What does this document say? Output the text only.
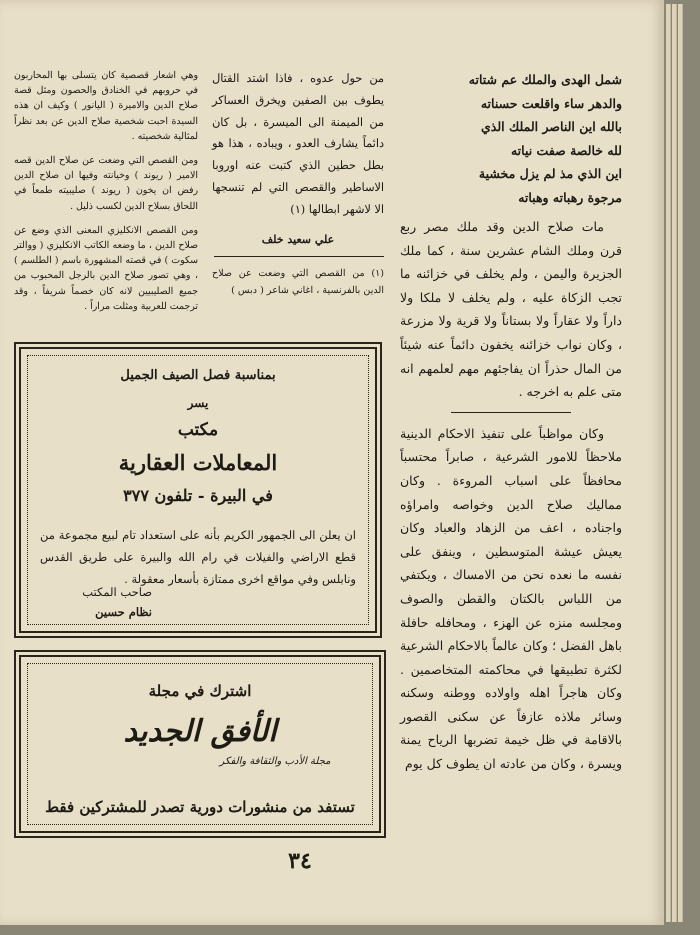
شمل الهدى والملك عم شتاته

والدهر ساء واقلعت حسناته

بالله اين الناصر الملك الذي

لله خالصة صفت نياته

اين الذي مذ لم يزل مخشية

مرجوة رهباته وهباته

مات صلاح الدين وقد ملك مصر ربع قرن وملك الشام عشرين سنة ، كما ملك الجزيرة واليمن ، ولم يخلف في خزائنه ما تجب الزكاة عليه ، ولم يخلف لا ملكا ولا داراً ولا عقاراً ولا بستاناً ولا قرية ولا مزرعة ، وكان نواب خزائنه يخفون دائماً عنه شيئاً من المال حذراً ان يفاجئهم مهم لعلمهم انه متى علم به اخرجه .

وكان مواظباً على تنفيذ الاحكام الدينية ملاحظاً للامور الشرعية ، صابراً محتسباً محافظاً على اسباب المروءة . وكان مماليك صلاح الدين وخواصه وامراؤه واجناده ، اعف من الزهاد والعباد وكان يعيش عيشة المتوسطين ، وينفق على نفسه ما نعده نحن من الامساك ، ويكتفي من اللباس بالكتان والقطن والصوف ومجلسه منزه عن الهزء ، ومحافله حافلة باهل الفضل ؛ وكان عالماً بالاحكام الشرعية لكثرة تطبيقها في محاكمته المتخاصمين . وكان هاجراً اهله واولاده ووطنه وسكنه وسائر ملاذه عازفاً عن سكنى القصور بالاقامة في ظل خيمة تضربها الرياح يمنة ويسرة ، وكان من عادته ان يطوف كل يوم

من حول عدوه ، فاذا اشتد القتال يطوف بين الصفين ويخرق العساكر من الميمنة الى الميسرة ، بل كان دائماً يشارف العدو ، ويباده ، هذا هو بطل حطين الذي كتبت عنه اوروبا الاساطير والقصص التي لم تنسجها الا لاشهر ابطالها (١)

علي سعيد خلف

(١) من القصص التي وضعت عن صلاح الدين بالفرنسية ، اغاني شاعر ( دبس )

وهي اشعار قصصية كان يتسلى بها المحاربون في حروبهم في الخنادق والحصون ومثل قصة صلاح الدين والاميرة ( اليانور ) وكيف ان هذه السيدة احبت شخصية صلاح الدين عن بعد نظراً لمثالية شخصيته .

ومن القصص التي وضعت عن صلاح الدين قصه الامير ( ريوند ) وخيانته وفيها ان صلاح الدين رفض ان يخون ( ريوند ) صليبيته طمعاً في اللحاق بسلاح الدين لكسب ذليل .

ومن القصص الانكليزي المعنى الذي وضع عن صلاح الدين ، ما وضعه الكاتب الانكليزي ( ووالتر سكوت ) في قصته المشهورة باسم ( الطلسم ) ، وهي تصور صلاح الدين بالرجل المحبوب من جميع الصليبيين لانه كان خصماً شريفاً ، وقد ترجمت للعربية ومثلت مراراً .

بمناسبة فصل الصيف الجميل
يسر
مكتب
المعاملات العقارية
في البيرة - تلفون ٣٧٧
ان يعلن الى الجمهور الكريم بأنه على استعداد تام لبيع مجموعة من قطع الاراضي والفيلات في رام الله والبيرة على طريق القدس ونابلس وفي مواقع اخرى ممتازة بأسعار معقولة .
صاحب المكتب
نظام حسين
اشترك في مجلة
الأفق الجديد
مجلة الأدب والثقافة والفكر
تستفد من منشورات دورية تصدر للمشتركين فقط
٣٤
